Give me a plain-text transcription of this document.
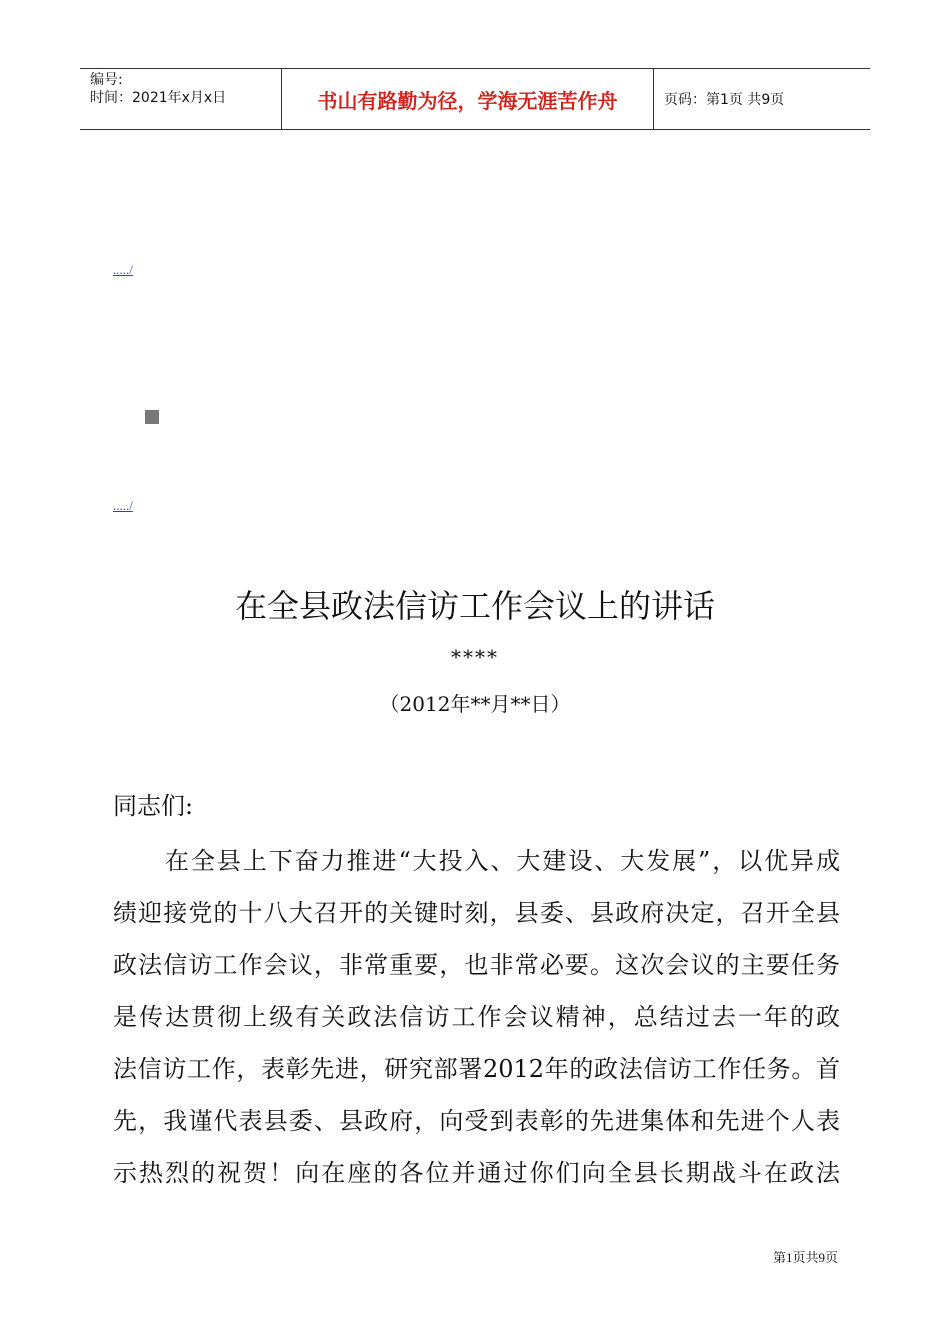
编号:
时间：2021年x月x日	书山有路勤为径，学海无涯苦作舟	页码：第1页 共9页
...../
...../
在全县政法信访工作会议上的讲话
****
（2012年**月**日）
同志们:
在全县上下奋力推进“大投入、大建设、大发展”，以优异成
绩迎接党的十八大召开的关键时刻，县委、县政府决定，召开全县
政法信访工作会议，非常重要，也非常必要。这次会议的主要任务
是传达贯彻上级有关政法信访工作会议精神，总结过去一年的政
法信访工作，表彰先进，研究部署2012年的政法信访工作任务。首
先，我谨代表县委、县政府，向受到表彰的先进集体和先进个人表
示热烈的祝贺！向在座的各位并通过你们向全县长期战斗在政法
第1页共9页
